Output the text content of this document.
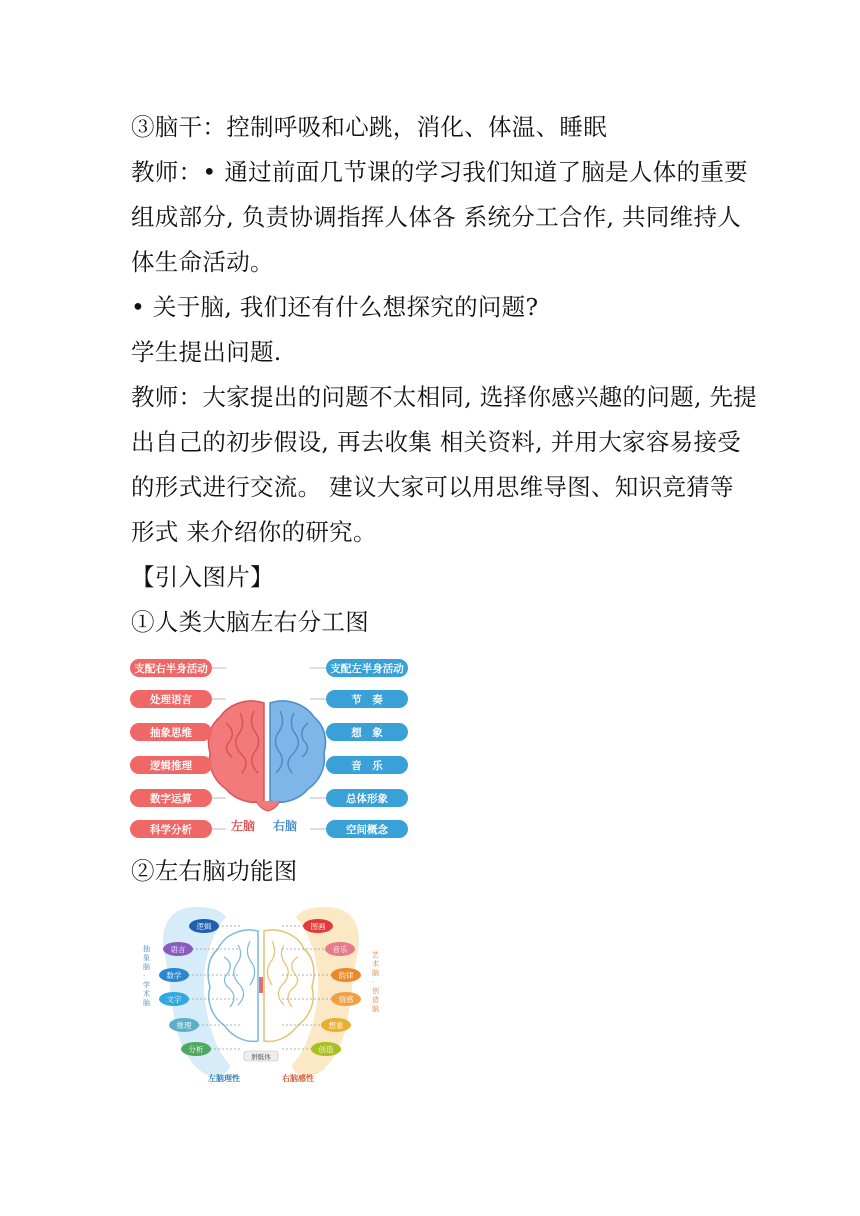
③脑干：控制呼吸和心跳，消化、体温、睡眠
教师：• 通过前面几节课的学习我们知道了脑是人体的重要
组成部分, 负责协调指挥人体各 系统分工合作, 共同维持人
体生命活动。
• 关于脑, 我们还有什么想探究的问题?
学生提出问题.
教师：大家提出的问题不太相同, 选择你感兴趣的问题, 先提
出自己的初步假设, 再去收集 相关资料, 并用大家容易接受
的形式进行交流。 建议大家可以用思维导图、知识竞猜等
形式 来介绍你的研究。
【引入图片】
①人类大脑左右分工图
支配右半身活动
处理语言
抽象思维
逻辑推理
数字运算
科学分析
支配左半身活动
节　奏
想　象
音　乐
总体形象
空间概念
左脑 右脑
②左右脑功能图
逻辑
语言
数学
文字
推理
分析
图画
音乐
韵律
情感
想象
创造
抽象脑·学术脑
艺术脑·创造脑
胼胝体
左脑理性	右脑感性
